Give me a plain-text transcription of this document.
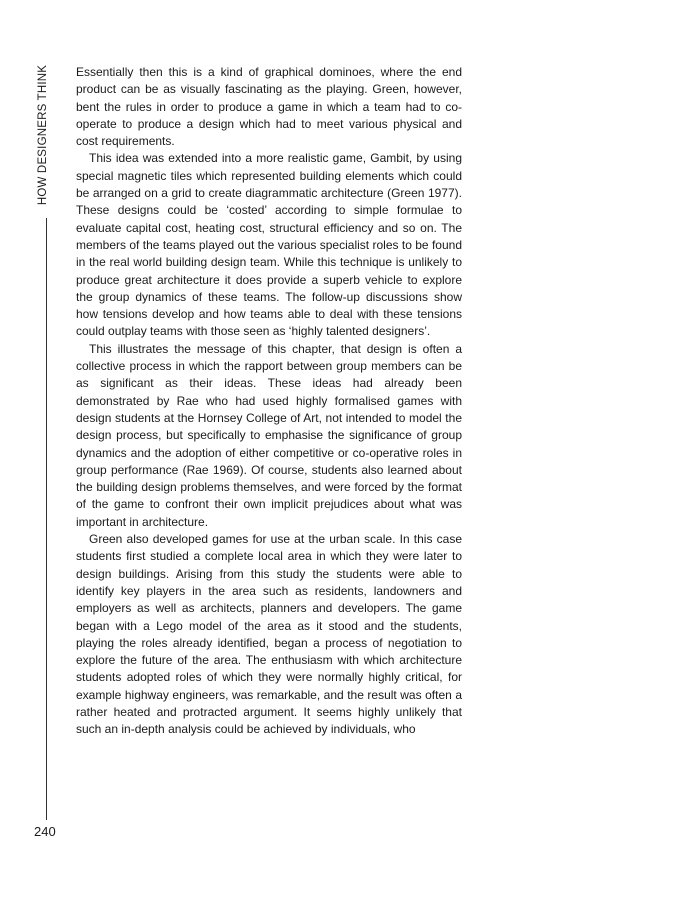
HOW DESIGNERS THINK
240

Essentially then this is a kind of graphical dominoes, where the end product can be as visually fascinating as the playing. Green, however, bent the rules in order to produce a game in which a team had to co-operate to produce a design which had to meet various physical and cost requirements.

This idea was extended into a more realistic game, Gambit, by using special magnetic tiles which represented building elements which could be arranged on a grid to create diagrammatic architecture (Green 1977). These designs could be ‘costed’ according to simple formulae to evaluate capital cost, heating cost, structural efficiency and so on. The members of the teams played out the various specialist roles to be found in the real world building design team. While this technique is unlikely to produce great architecture it does provide a superb vehicle to explore the group dynamics of these teams. The follow-up discussions show how tensions develop and how teams able to deal with these tensions could outplay teams with those seen as ‘highly talented designers’.

This illustrates the message of this chapter, that design is often a collective process in which the rapport between group members can be as significant as their ideas. These ideas had already been demonstrated by Rae who had used highly formalised games with design students at the Hornsey College of Art, not intended to model the design process, but specifically to emphasise the significance of group dynamics and the adoption of either competitive or co-operative roles in group performance (Rae 1969). Of course, students also learned about the building design problems themselves, and were forced by the format of the game to confront their own implicit prejudices about what was important in architecture.

Green also developed games for use at the urban scale. In this case students first studied a complete local area in which they were later to design buildings. Arising from this study the students were able to identify key players in the area such as residents, landowners and employers as well as architects, planners and developers. The game began with a Lego model of the area as it stood and the students, playing the roles already identified, began a process of negotiation to explore the future of the area. The enthusiasm with which architecture students adopted roles of which they were normally highly critical, for example highway engineers, was remarkable, and the result was often a rather heated and protracted argument. It seems highly unlikely that such an in-depth analysis could be achieved by individuals, who
